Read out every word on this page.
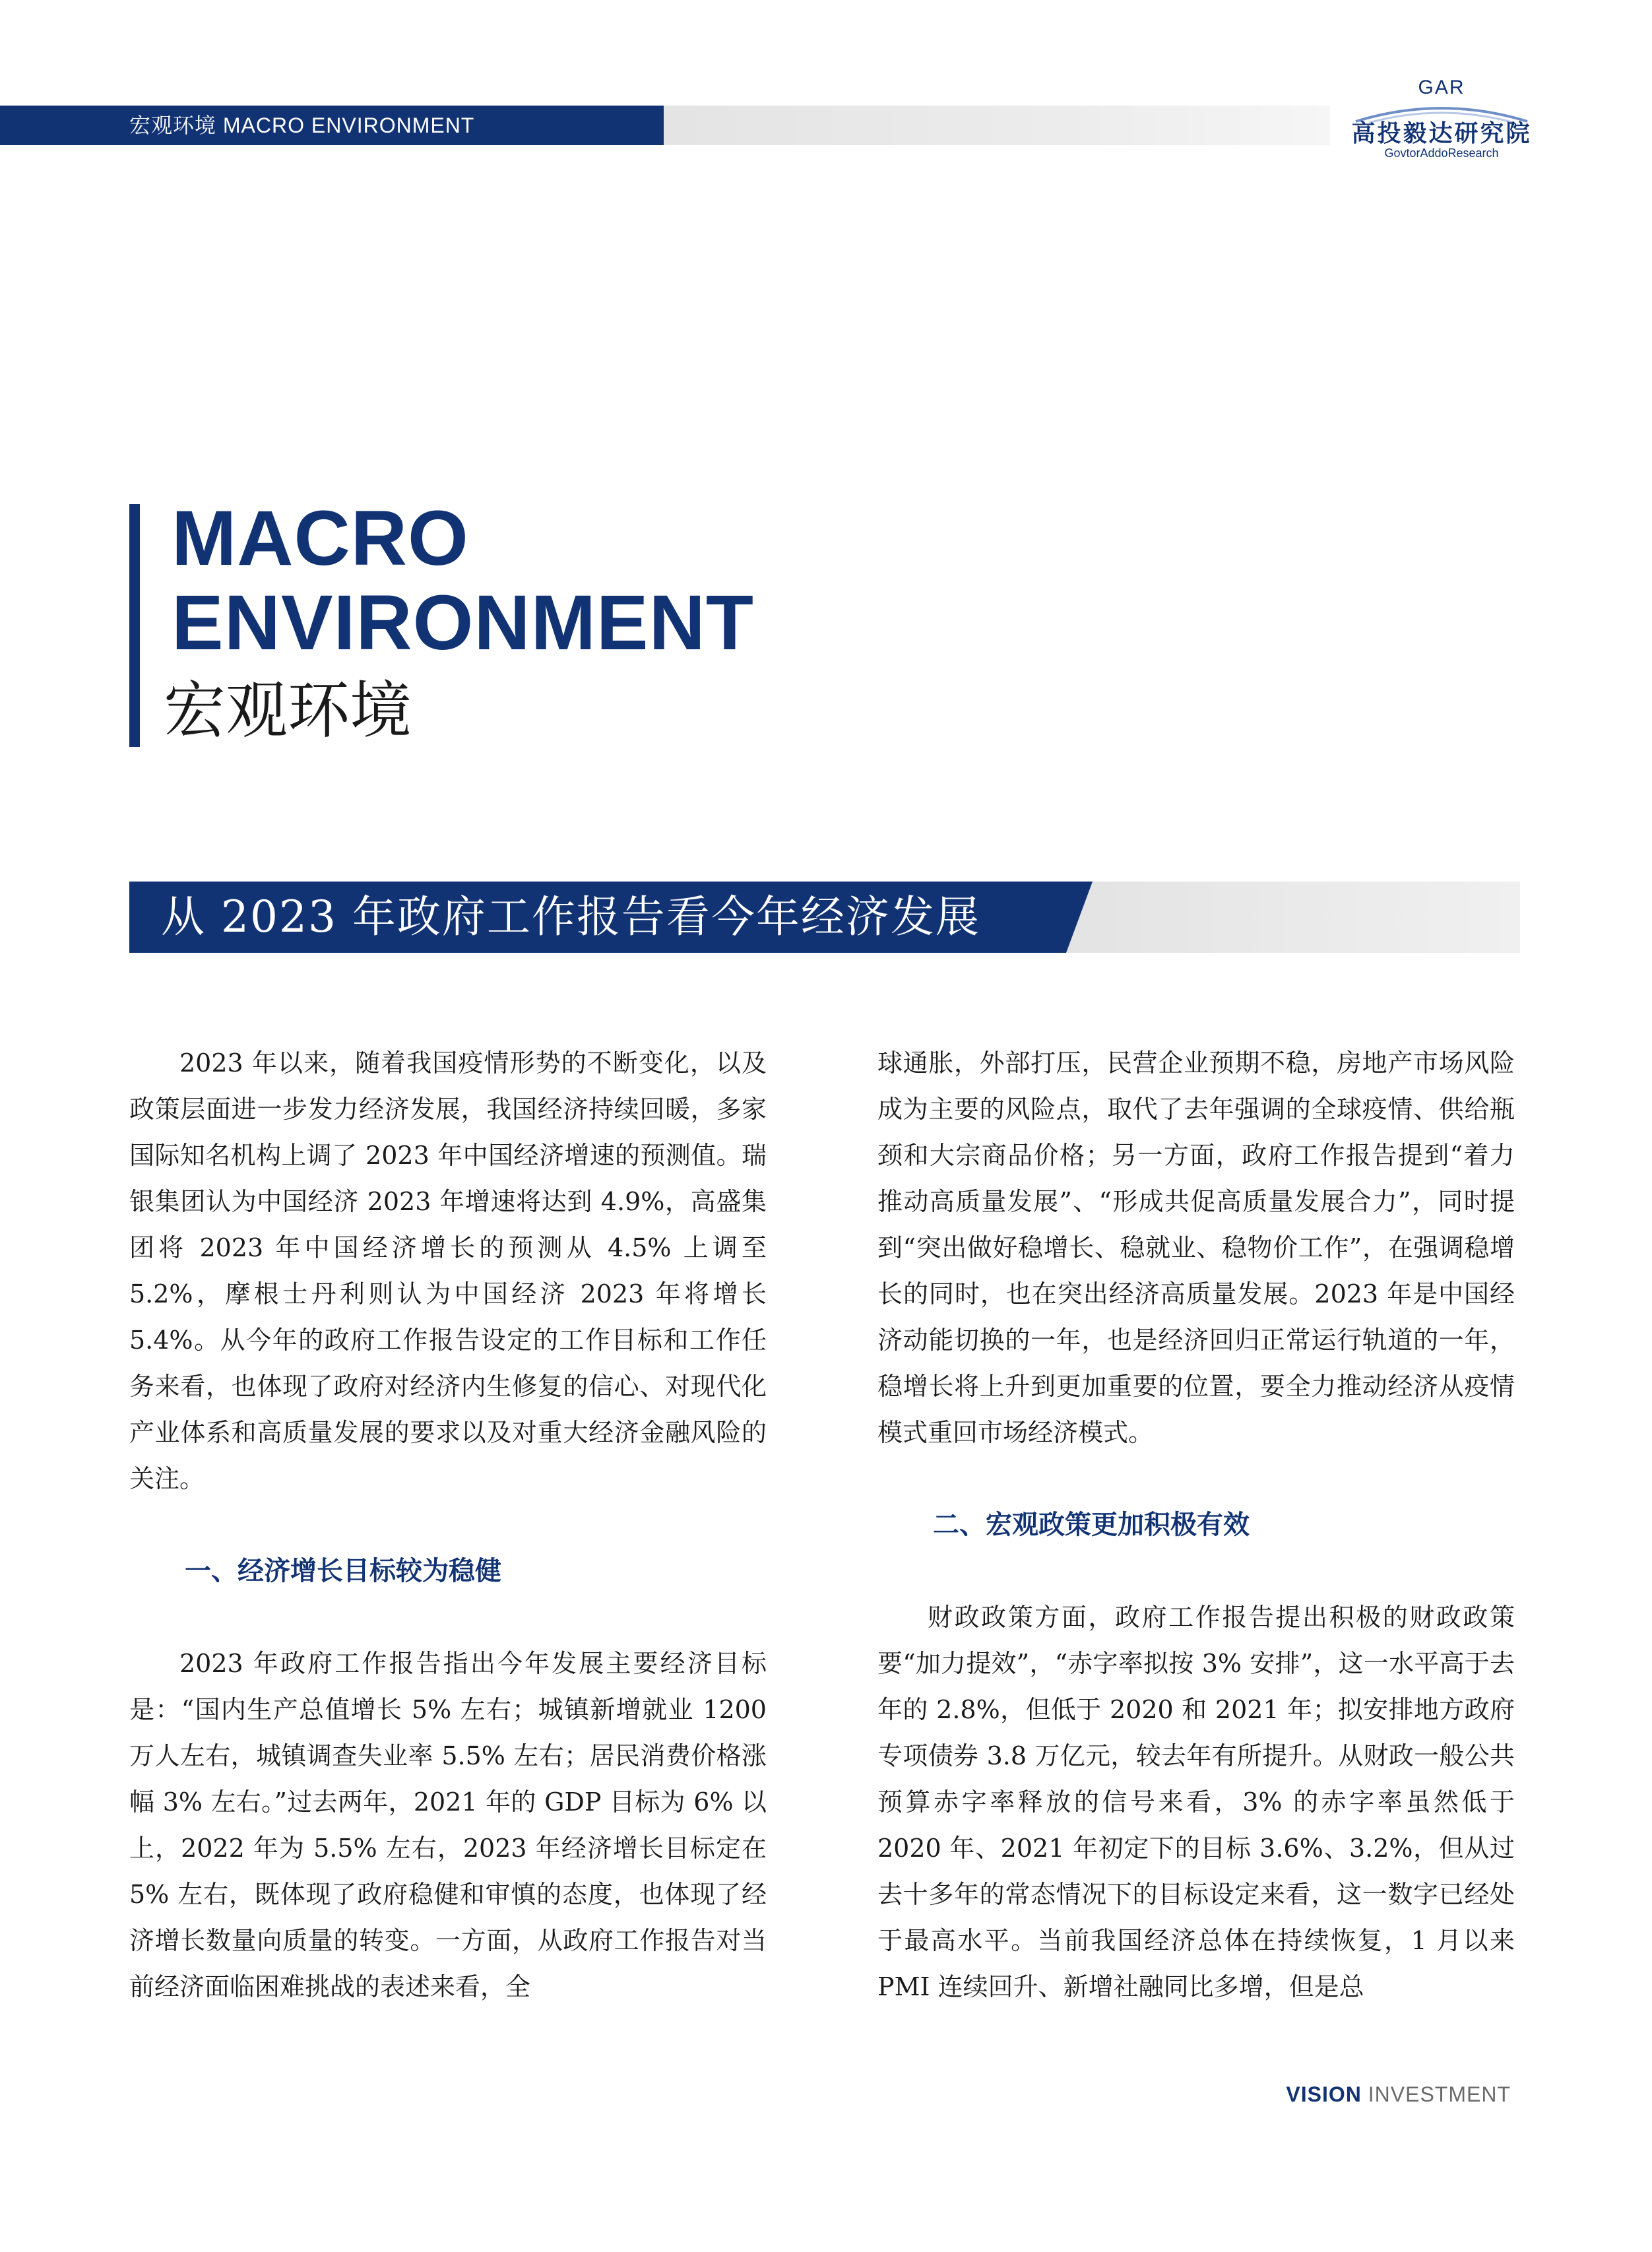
宏观环境 MACRO ENVIRONMENT
GAR
高投毅达研究院
GovtorAddoResearch
MACRO
ENVIRONMENT
宏观环境
从 2023 年政府工作报告看今年经济发展

2023 年以来，随着我国疫情形势的不断变化，以及政策层面进一步发力经济发展，我国经济持续回暖，多家国际知名机构上调了 2023 年中国经济增速的预测值。瑞银集团认为中国经济 2023 年增速将达到 4.9%，高盛集团将 2023 年中国经济增长的预测从 4.5% 上调至 5.2%，摩根士丹利则认为中国经济 2023 年将增长 5.4%。从今年的政府工作报告设定的工作目标和工作任务来看，也体现了政府对经济内生修复的信心、对现代化产业体系和高质量发展的要求以及对重大经济金融风险的关注。

一、经济增长目标较为稳健

2023 年政府工作报告指出今年发展主要经济目标是：“国内生产总值增长 5% 左右；城镇新增就业 1200 万人左右，城镇调查失业率 5.5% 左右；居民消费价格涨幅 3% 左右。”过去两年，2021 年的 GDP 目标为 6% 以上，2022 年为 5.5% 左右，2023 年经济增长目标定在 5% 左右，既体现了政府稳健和审慎的态度，也体现了经济增长数量向质量的转变。一方面，从政府工作报告对当前经济面临困难挑战的表述来看，全

球通胀，外部打压，民营企业预期不稳，房地产市场风险成为主要的风险点，取代了去年强调的全球疫情、供给瓶颈和大宗商品价格；另一方面，政府工作报告提到“着力推动高质量发展”、“形成共促高质量发展合力”，同时提到“突出做好稳增长、稳就业、稳物价工作”，在强调稳增长的同时，也在突出经济高质量发展。2023 年是中国经济动能切换的一年，也是经济回归正常运行轨道的一年，稳增长将上升到更加重要的位置，要全力推动经济从疫情模式重回市场经济模式。

二、宏观政策更加积极有效

财政政策方面，政府工作报告提出积极的财政政策要“加力提效”，“赤字率拟按 3% 安排”，这一水平高于去年的 2.8%，但低于 2020 和 2021 年；拟安排地方政府专项债券 3.8 万亿元，较去年有所提升。从财政一般公共预算赤字率释放的信号来看，3% 的赤字率虽然低于 2020 年、2021 年初定下的目标 3.6%、3.2%，但从过去十多年的常态情况下的目标设定来看，这一数字已经处于最高水平。当前我国经济总体在持续恢复，1 月以来 PMI 连续回升、新增社融同比多增，但是总

VISION INVESTMENT
